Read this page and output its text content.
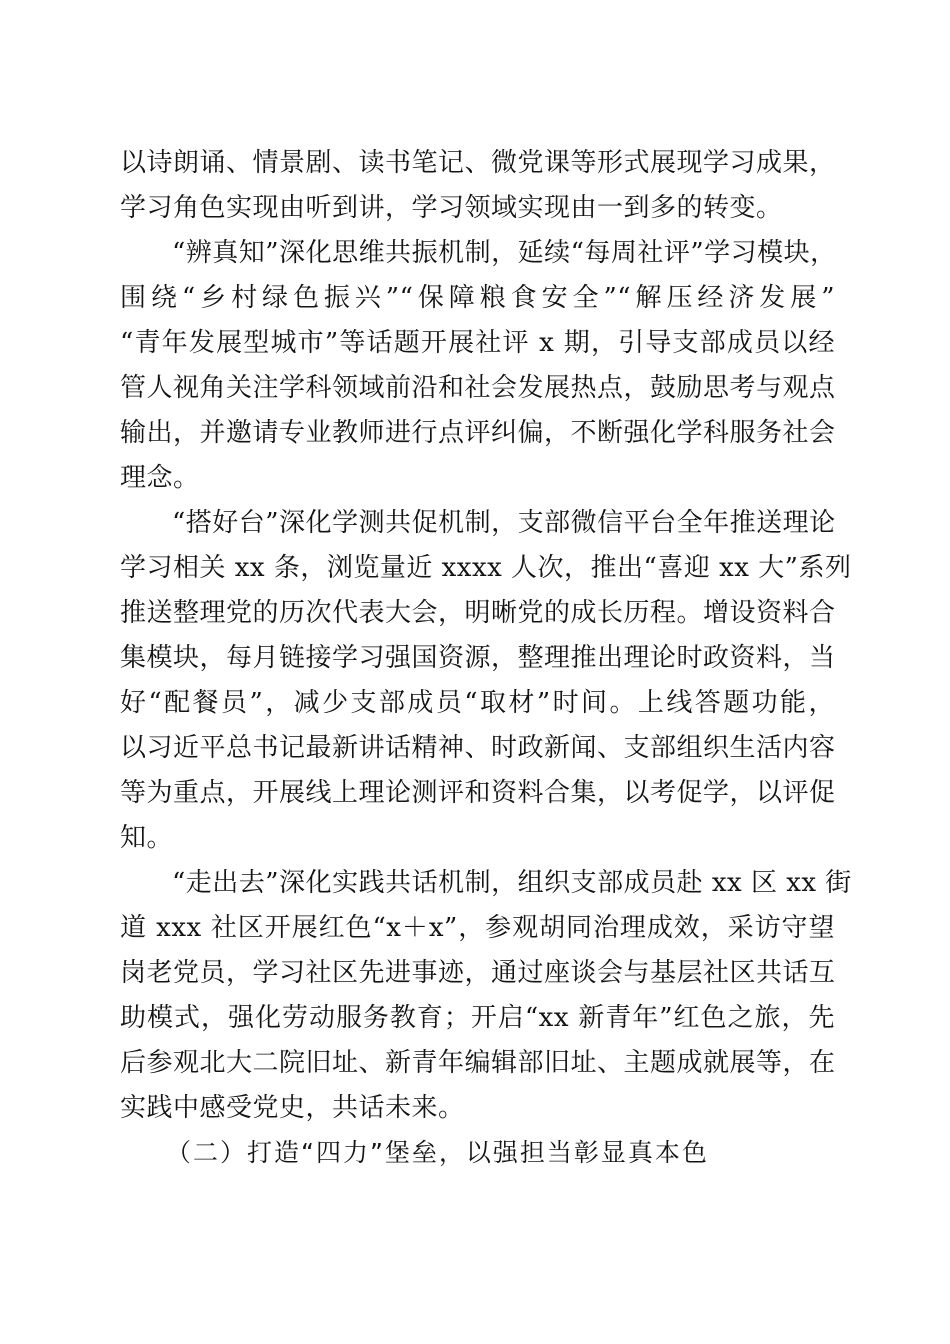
以诗朗诵、情景剧、读书笔记、微党课等形式展现学习成果，
学习角色实现由听到讲，学习领域实现由一到多的转变。
“辨真知”深化思维共振机制，延续“每周社评”学习模块，
围绕“乡村绿色振兴”“保障粮食安全”“解压经济发展”
“青年发展型城市”等话题开展社评 x 期，引导支部成员以经
管人视角关注学科领域前沿和社会发展热点，鼓励思考与观点
输出，并邀请专业教师进行点评纠偏，不断强化学科服务社会
理念。
“搭好台”深化学测共促机制，支部微信平台全年推送理论
学习相关 xx 条，浏览量近 xxxx 人次，推出“喜迎 xx 大”系列
推送整理党的历次代表大会，明晰党的成长历程。增设资料合
集模块，每月链接学习强国资源，整理推出理论时政资料，当
好“配餐员”，减少支部成员“取材”时间。上线答题功能，
以习近平总书记最新讲话精神、时政新闻、支部组织生活内容
等为重点，开展线上理论测评和资料合集，以考促学，以评促
知。
“走出去”深化实践共话机制，组织支部成员赴 xx 区 xx 街
道 xxx 社区开展红色“x＋x”，参观胡同治理成效，采访守望
岗老党员，学习社区先进事迹，通过座谈会与基层社区共话互
助模式，强化劳动服务教育；开启“xx 新青年”红色之旅，先
后参观北大二院旧址、新青年编辑部旧址、主题成就展等，在
实践中感受党史，共话未来。
（二）打造“四力”堡垒，以强担当彰显真本色
